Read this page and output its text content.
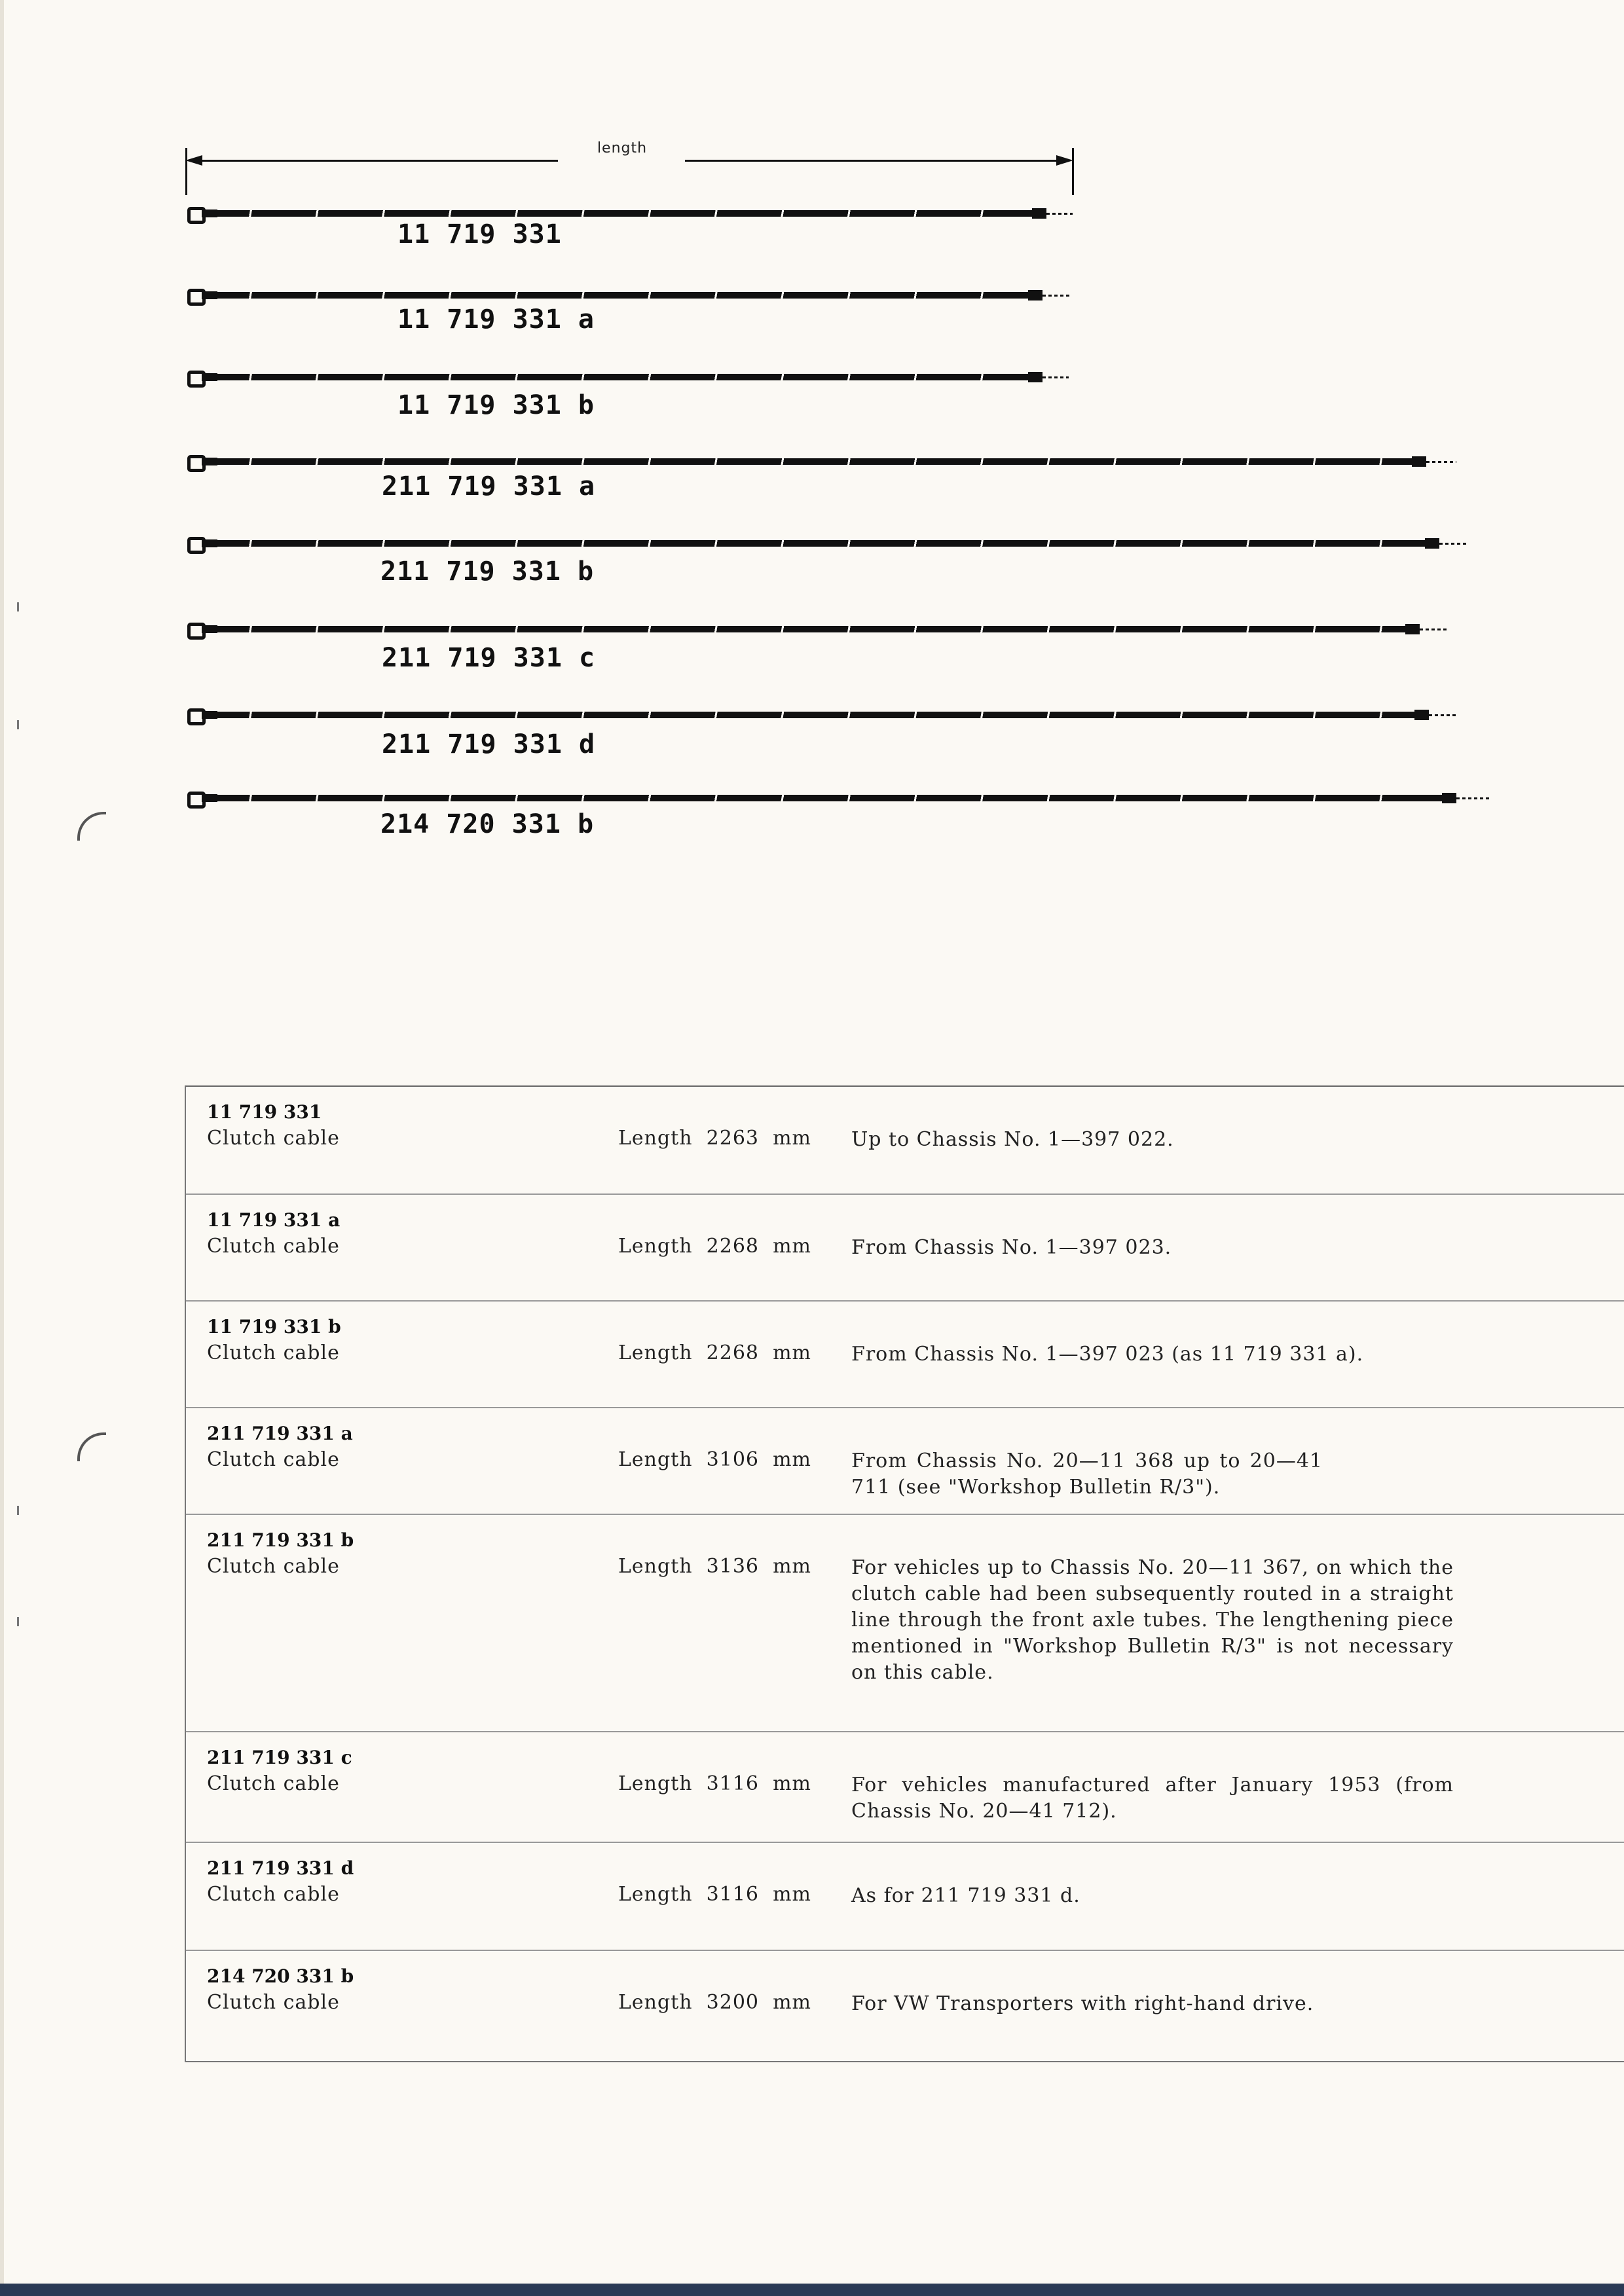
length
11 719 331
11 719 331 a
11 719 331 b
211 719 331 a
211 719 331 b
211 719 331 c
211 719 331 d
214 720 331 b
11 719 331
Clutch cable	Length  2263  mm Up to Chassis No. 1—397 022.
11 719 331 a
Clutch cable	Length  2268  mm From Chassis No. 1—397 023.
11 719 331 b
Clutch cable	Length  2268  mm From Chassis No. 1—397 023 (as 11 719 331 a).
211 719 331 a
Clutch cable	Length  3106  mm From Chassis No. 20—11 368 up to 20—41 711 (see "Workshop Bulletin R/3").
211 719 331 b
Clutch cable	Length  3136  mm For vehicles up to Chassis No. 20—11 367, on which the clutch cable had been subsequently routed in a straight line through the front axle tubes. The lengthening piece mentioned in "Workshop Bulletin R/3" is not necessary on this cable.
211 719 331 c
Clutch cable	Length  3116  mm For vehicles manufactured after January 1953 (from Chassis No. 20—41 712).
211 719 331 d
Clutch cable	Length  3116  mm As for 211 719 331 d.
214 720 331 b
Clutch cable	Length  3200  mm For VW Transporters with right-hand drive.
